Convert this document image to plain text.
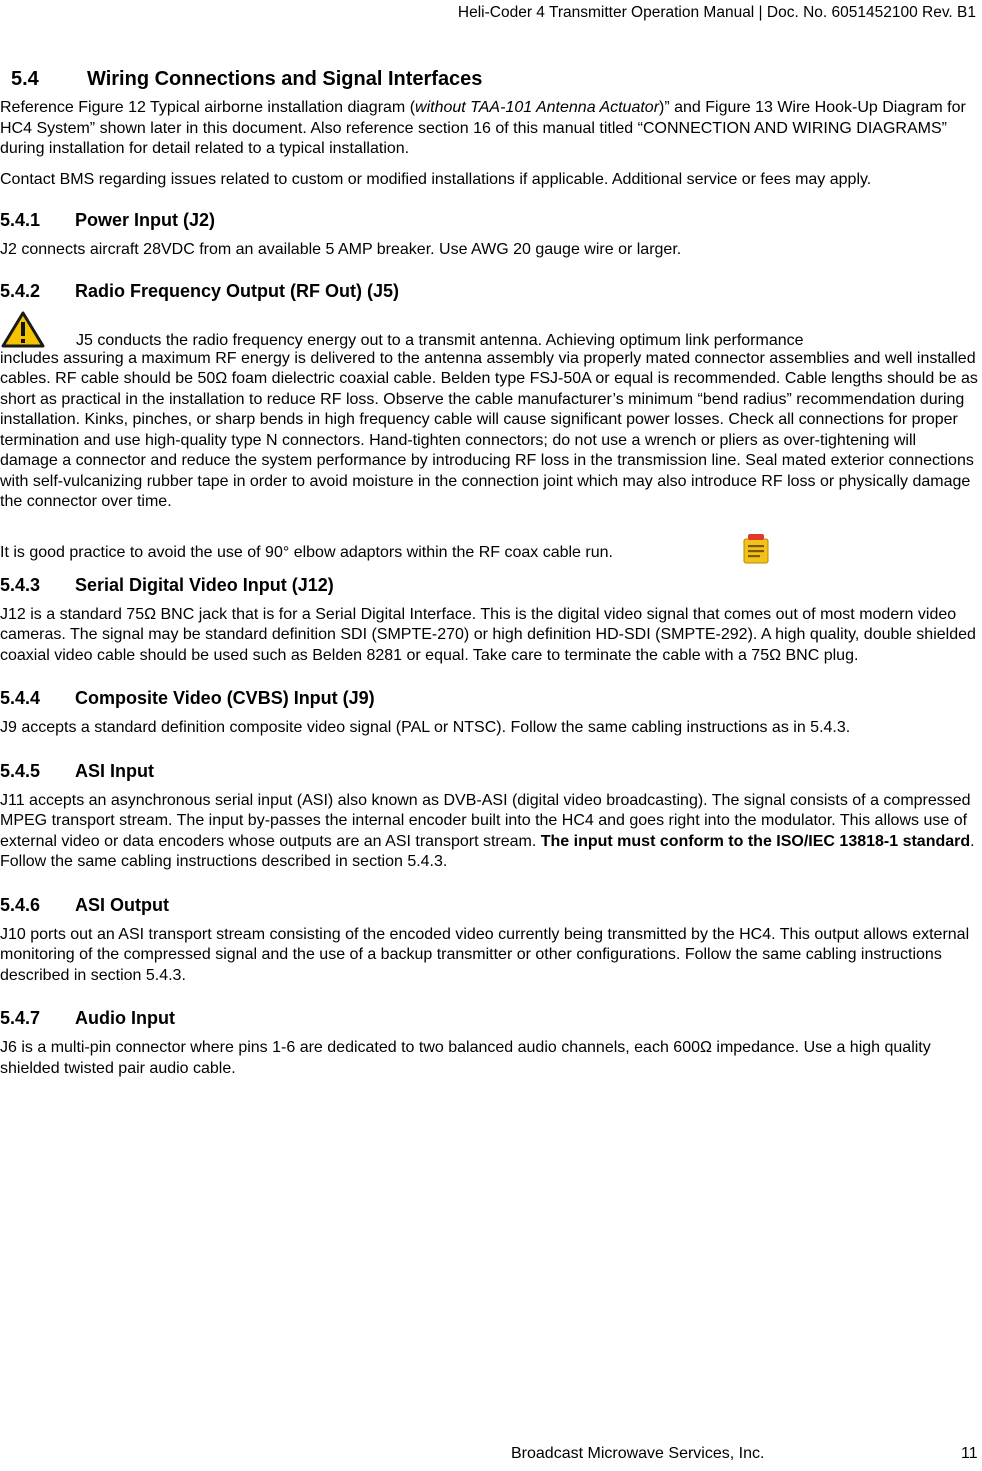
Heli-Coder 4 Transmitter Operation Manual | Doc. No. 6051452100 Rev. B1
5.4 Wiring Connections and Signal Interfaces

Reference Figure 12 Typical airborne installation diagram (without TAA-101 Antenna Actuator)” and Figure 13 Wire Hook-Up Diagram for HC4 System” shown later in this document. Also reference section 16 of this manual titled “CONNECTION AND WIRING DIAGRAMS” during installation for detail related to a typical installation.

Contact BMS regarding issues related to custom or modified installations if applicable. Additional service or fees may apply.

5.4.1 Power Input (J2)

J2 connects aircraft 28VDC from an available 5 AMP breaker. Use AWG 20 gauge wire or larger.

5.4.2 Radio Frequency Output (RF Out) (J5)
J5 conducts the radio frequency energy out to a transmit antenna. Achieving optimum link performance

includes assuring a maximum RF energy is delivered to the antenna assembly via properly mated connector assemblies and well installed cables. RF cable should be 50Ω foam dielectric coaxial cable. Belden type FSJ-50A or equal is recommended. Cable lengths should be as short as practical in the installation to reduce RF loss. Observe the cable manufacturer’s minimum “bend radius” recommendation during installation. Kinks, pinches, or sharp bends in high frequency cable will cause significant power losses. Check all connections for proper termination and use high-quality type N connectors. Hand-tighten connectors; do not use a wrench or pliers as over-tightening will damage a connector and reduce the system performance by introducing RF loss in the transmission line. Seal mated exterior connections with self-vulcanizing rubber tape in order to avoid moisture in the connection joint which may also introduce RF loss or physically damage the connector over time.

It is good practice to avoid the use of 90° elbow adaptors within the RF coax cable run.
5.4.3 Serial Digital Video Input (J12)

J12 is a standard 75Ω BNC jack that is for a Serial Digital Interface. This is the digital video signal that comes out of most modern video cameras. The signal may be standard definition SDI (SMPTE-270) or high definition HD-SDI (SMPTE-292). A high quality, double shielded coaxial video cable should be used such as Belden 8281 or equal. Take care to terminate the cable with a 75Ω BNC plug.

5.4.4 Composite Video (CVBS) Input (J9)

J9 accepts a standard definition composite video signal (PAL or NTSC). Follow the same cabling instructions as in 5.4.3.

5.4.5 ASI Input

J11 accepts an asynchronous serial input (ASI) also known as DVB-ASI (digital video broadcasting). The signal consists of a compressed MPEG transport stream. The input by-passes the internal encoder built into the HC4 and goes right into the modulator. This allows use of external video or data encoders whose outputs are an ASI transport stream. The input must conform to the ISO/IEC 13818-1 standard. Follow the same cabling instructions described in section 5.4.3.

5.4.6 ASI Output

J10 ports out an ASI transport stream consisting of the encoded video currently being transmitted by the HC4. This output allows external monitoring of the compressed signal and the use of a backup transmitter or other configurations. Follow the same cabling instructions described in section 5.4.3.

5.4.7 Audio Input

J6 is a multi-pin connector where pins 1-6 are dedicated to two balanced audio channels, each 600Ω impedance. Use a high quality shielded twisted pair audio cable.

Broadcast Microwave Services, Inc.	11
